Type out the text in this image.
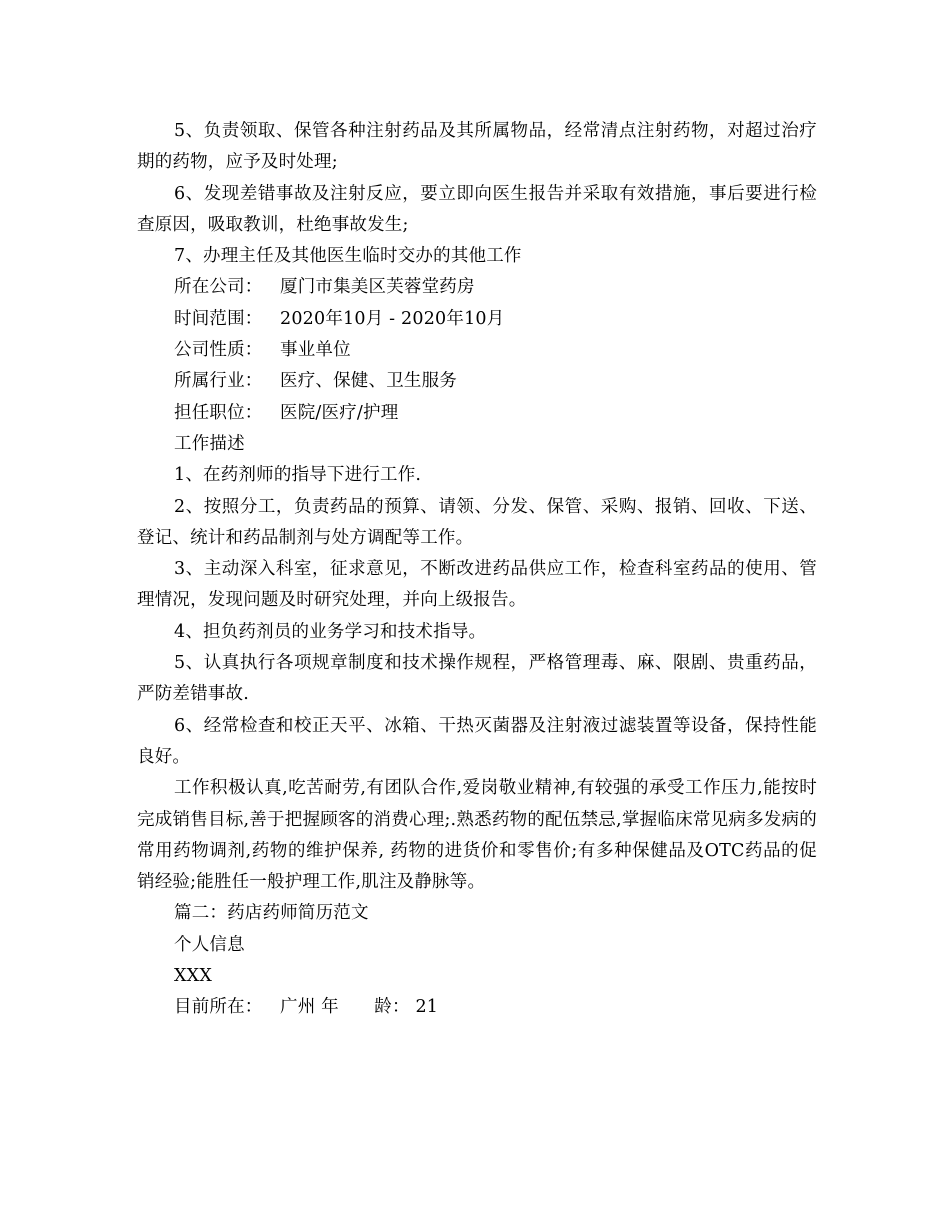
5、负责领取、保管各种注射药品及其所属物品，经常清点注射药物，对超过治疗期的药物，应予及时处理;

6、发现差错事故及注射反应，要立即向医生报告并采取有效措施，事后要进行检查原因，吸取教训，杜绝事故发生;

7、办理主任及其他医生临时交办的其他工作

所在公司： 厦门市集美区芙蓉堂药房

时间范围： 2020年10月 - 2020年10月

公司性质： 事业单位

所属行业： 医疗、保健、卫生服务

担任职位： 医院/医疗/护理

工作描述

1、在药剂师的指导下进行工作.

2、按照分工，负责药品的预算、请领、分发、保管、采购、报销、回收、下送、登记、统计和药品制剂与处方调配等工作。

3、主动深入科室，征求意见，不断改进药品供应工作，检查科室药品的使用、管理情况，发现问题及时研究处理，并向上级报告。

4、担负药剂员的业务学习和技术指导。

5、认真执行各项规章制度和技术操作规程，严格管理毒、麻、限剧、贵重药品，严防差错事故.

6、经常检查和校正天平、冰箱、干热灭菌器及注射液过滤装置等设备，保持性能良好。

工作积极认真,吃苦耐劳,有团队合作,爱岗敬业精神,有较强的承受工作压力,能按时完成销售目标,善于把握顾客的消费心理;.熟悉药物的配伍禁忌,掌握临床常见病多发病的常用药物调剂,药物的维护保养, 药物的进货价和零售价;有多种保健品及OTC药品的促销经验;能胜任一般护理工作,肌注及静脉等。

篇二：药店药师简历范文

个人信息

XXX

目前所在： 广州 年　　龄： 21
